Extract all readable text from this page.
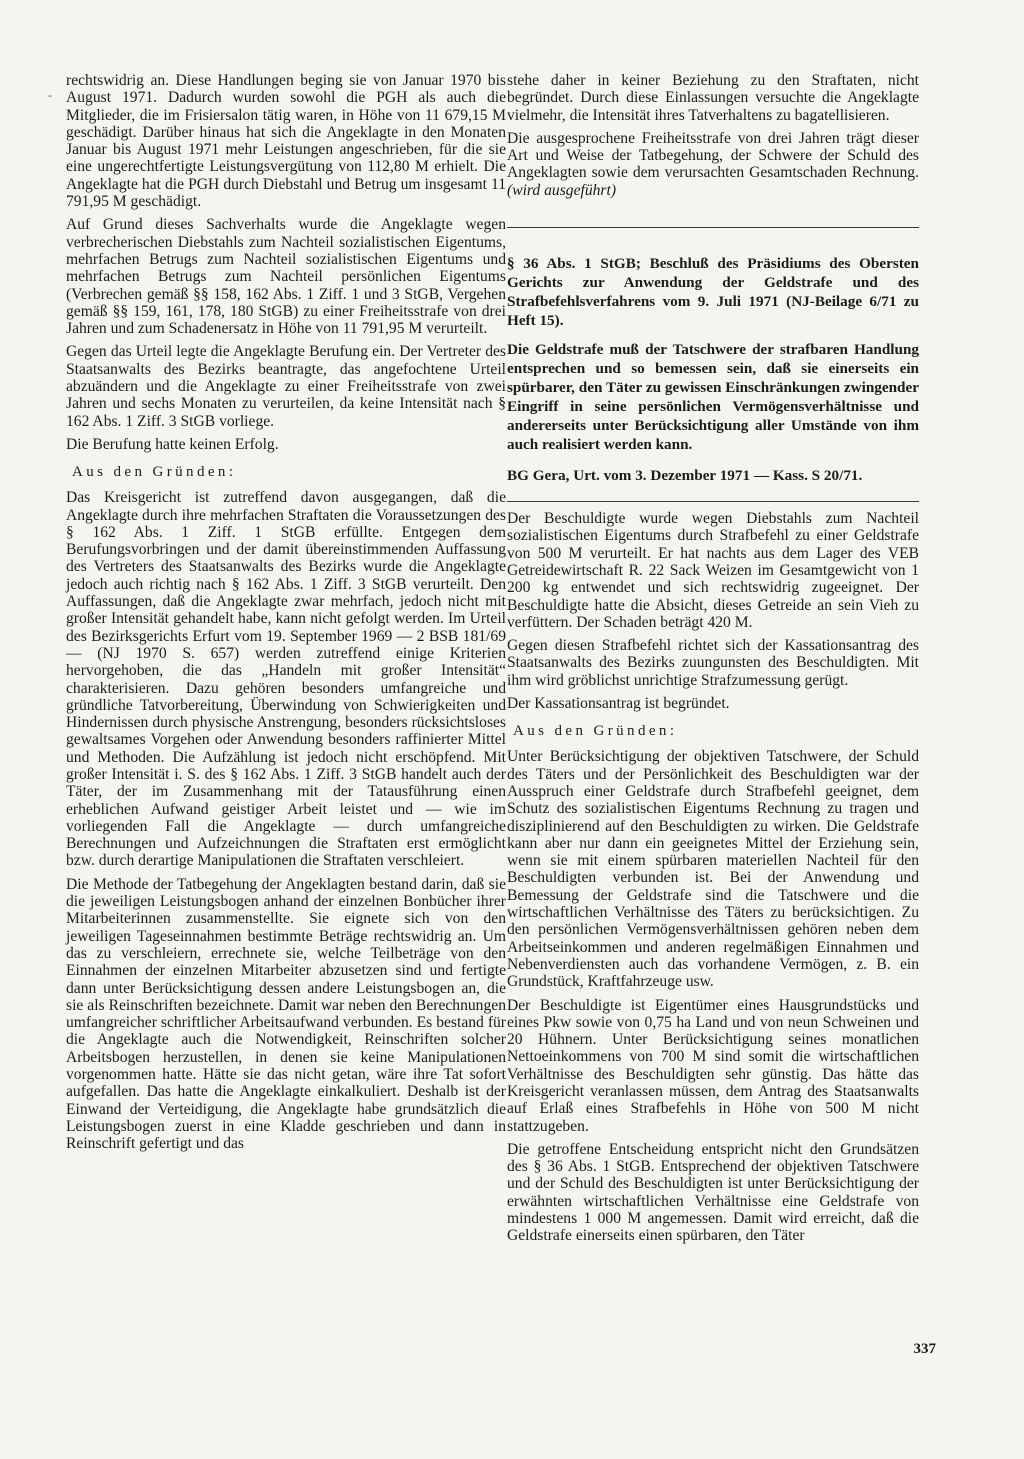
-

rechtswidrig an. Diese Handlungen beging sie von Januar 1970 bis August 1971. Dadurch wurden sowohl die PGH als auch die Mitglieder, die im Frisiersalon tätig waren, in Höhe von 11 679,15 M geschädigt. Darüber hinaus hat sich die Angeklagte in den Monaten Januar bis August 1971 mehr Leistungen angeschrieben, für die sie eine ungerechtfertigte Leistungsvergütung von 112,80 M erhielt. Die Angeklagte hat die PGH durch Diebstahl und Betrug um insgesamt 11 791,95 M geschädigt.

Auf Grund dieses Sachverhalts wurde die Angeklagte wegen verbrecherischen Diebstahls zum Nachteil sozialistischen Eigentums, mehrfachen Betrugs zum Nachteil sozialistischen Eigentums und mehrfachen Betrugs zum Nachteil persönlichen Eigentums (Verbrechen gemäß §§ 158, 162 Abs. 1 Ziff. 1 und 3 StGB, Vergehen gemäß §§ 159, 161, 178, 180 StGB) zu einer Freiheitsstrafe von drei Jahren und zum Schadenersatz in Höhe von 11 791,95 M verurteilt.

Gegen das Urteil legte die Angeklagte Berufung ein. Der Vertreter des Staatsanwalts des Bezirks beantragte, das angefochtene Urteil abzuändern und die Angeklagte zu einer Freiheitsstrafe von zwei Jahren und sechs Monaten zu verurteilen, da keine Intensität nach § 162 Abs. 1 Ziff. 3 StGB vorliege.

Die Berufung hatte keinen Erfolg.

Aus den Gründen:

Das Kreisgericht ist zutreffend davon ausgegangen, daß die Angeklagte durch ihre mehrfachen Straftaten die Voraussetzungen des § 162 Abs. 1 Ziff. 1 StGB erfüllte. Entgegen dem Berufungsvorbringen und der damit übereinstimmenden Auffassung des Vertreters des Staatsanwalts des Bezirks wurde die Angeklagte jedoch auch richtig nach § 162 Abs. 1 Ziff. 3 StGB verurteilt. Den Auffassungen, daß die Angeklagte zwar mehrfach, jedoch nicht mit großer Intensität gehandelt habe, kann nicht gefolgt werden. Im Urteil des Bezirksgerichts Erfurt vom 19. September 1969 — 2 BSB 181/69 — (NJ 1970 S. 657) werden zutreffend einige Kriterien hervorgehoben, die das „Handeln mit großer Intensität“ charakterisieren. Dazu gehören besonders umfangreiche und gründliche Tatvorbereitung, Überwindung von Schwierigkeiten und Hindernissen durch physische Anstrengung, besonders rücksichtsloses gewaltsames Vorgehen oder Anwendung besonders raffinierter Mittel und Methoden. Die Aufzählung ist jedoch nicht erschöpfend. Mit großer Intensität i. S. des § 162 Abs. 1 Ziff. 3 StGB handelt auch der Täter, der im Zusammenhang mit der Tatausführung einen erheblichen Aufwand geistiger Arbeit leistet und — wie im vorliegenden Fall die Angeklagte — durch umfangreiche Berechnungen und Aufzeichnungen die Straftaten erst ermöglicht bzw. durch derartige Manipulationen die Straftaten verschleiert.

Die Methode der Tatbegehung der Angeklagten bestand darin, daß sie die jeweiligen Leistungsbogen anhand der einzelnen Bonbücher ihrer Mitarbeiterinnen zusammenstellte. Sie eignete sich von den jeweiligen Tageseinnahmen bestimmte Beträge rechtswidrig an. Um das zu verschleiern, errechnete sie, welche Teilbeträge von den Einnahmen der einzelnen Mitarbeiter abzusetzen sind und fertigte dann unter Berücksichtigung dessen andere Leistungsbogen an, die sie als Reinschriften bezeichnete. Damit war neben den Berechnungen umfangreicher schriftlicher Arbeitsaufwand verbunden. Es bestand für die Angeklagte auch die Notwendigkeit, Reinschriften solcher Arbeitsbogen herzustellen, in denen sie keine Manipulationen vorgenommen hatte. Hätte sie das nicht getan, wäre ihre Tat sofort aufgefallen. Das hatte die Angeklagte einkalkuliert. Deshalb ist der Einwand der Verteidigung, die Angeklagte habe grundsätzlich die Leistungsbogen zuerst in eine Kladde geschrieben und dann in Reinschrift gefertigt und das

stehe daher in keiner Beziehung zu den Straftaten, nicht begründet. Durch diese Einlassungen versuchte die Angeklagte vielmehr, die Intensität ihres Tatverhaltens zu bagatellisieren.

Die ausgesprochene Freiheitsstrafe von drei Jahren trägt dieser Art und Weise der Tatbegehung, der Schwere der Schuld des Angeklagten sowie dem verursachten Gesamtschaden Rechnung. (wird ausgeführt)

§ 36 Abs. 1 StGB; Beschluß des Präsidiums des Obersten Gerichts zur Anwendung der Geldstrafe und des Strafbefehlsverfahrens vom 9. Juli 1971 (NJ-Beilage 6/71 zu Heft 15).
Die Geldstrafe muß der Tatschwere der strafbaren Handlung entsprechen und so bemessen sein, daß sie einerseits ein spürbarer, den Täter zu gewissen Einschränkungen zwingender Eingriff in seine persönlichen Vermögensverhältnisse und andererseits unter Berücksichtigung aller Umstände von ihm auch realisiert werden kann.
BG Gera, Urt. vom 3. Dezember 1971 — Kass. S 20/71.

Der Beschuldigte wurde wegen Diebstahls zum Nachteil sozialistischen Eigentums durch Strafbefehl zu einer Geldstrafe von 500 M verurteilt. Er hat nachts aus dem Lager des VEB Getreidewirtschaft R. 22 Sack Weizen im Gesamtgewicht von 1 200 kg entwendet und sich rechtswidrig zugeeignet. Der Beschuldigte hatte die Absicht, dieses Getreide an sein Vieh zu verfüttern. Der Schaden beträgt 420 M.

Gegen diesen Strafbefehl richtet sich der Kassationsantrag des Staatsanwalts des Bezirks zuungunsten des Beschuldigten. Mit ihm wird gröblichst unrichtige Strafzumessung gerügt.

Der Kassationsantrag ist begründet.

Aus den Gründen:

Unter Berücksichtigung der objektiven Tatschwere, der Schuld des Täters und der Persönlichkeit des Beschuldigten war der Ausspruch einer Geldstrafe durch Strafbefehl geeignet, dem Schutz des sozialistischen Eigentums Rechnung zu tragen und disziplinierend auf den Beschuldigten zu wirken. Die Geldstrafe kann aber nur dann ein geeignetes Mittel der Erziehung sein, wenn sie mit einem spürbaren materiellen Nachteil für den Beschuldigten verbunden ist. Bei der Anwendung und Bemessung der Geldstrafe sind die Tatschwere und die wirtschaftlichen Verhältnisse des Täters zu berücksichtigen. Zu den persönlichen Vermögensverhältnissen gehören neben dem Arbeitseinkommen und anderen regelmäßigen Einnahmen und Nebenverdiensten auch das vorhandene Vermögen, z. B. ein Grundstück, Kraftfahrzeuge usw.

Der Beschuldigte ist Eigentümer eines Hausgrundstücks und eines Pkw sowie von 0,75 ha Land und von neun Schweinen und 20 Hühnern. Unter Berücksichtigung seines monatlichen Nettoeinkommens von 700 M sind somit die wirtschaftlichen Verhältnisse des Beschuldigten sehr günstig. Das hätte das Kreisgericht veranlassen müssen, dem Antrag des Staatsanwalts auf Erlaß eines Strafbefehls in Höhe von 500 M nicht stattzugeben.

Die getroffene Entscheidung entspricht nicht den Grundsätzen des § 36 Abs. 1 StGB. Entsprechend der objektiven Tatschwere und der Schuld des Beschuldigten ist unter Berücksichtigung der erwähnten wirtschaftlichen Verhältnisse eine Geldstrafe von mindestens 1 000 M angemessen. Damit wird erreicht, daß die Geldstrafe einerseits einen spürbaren, den Täter

337
